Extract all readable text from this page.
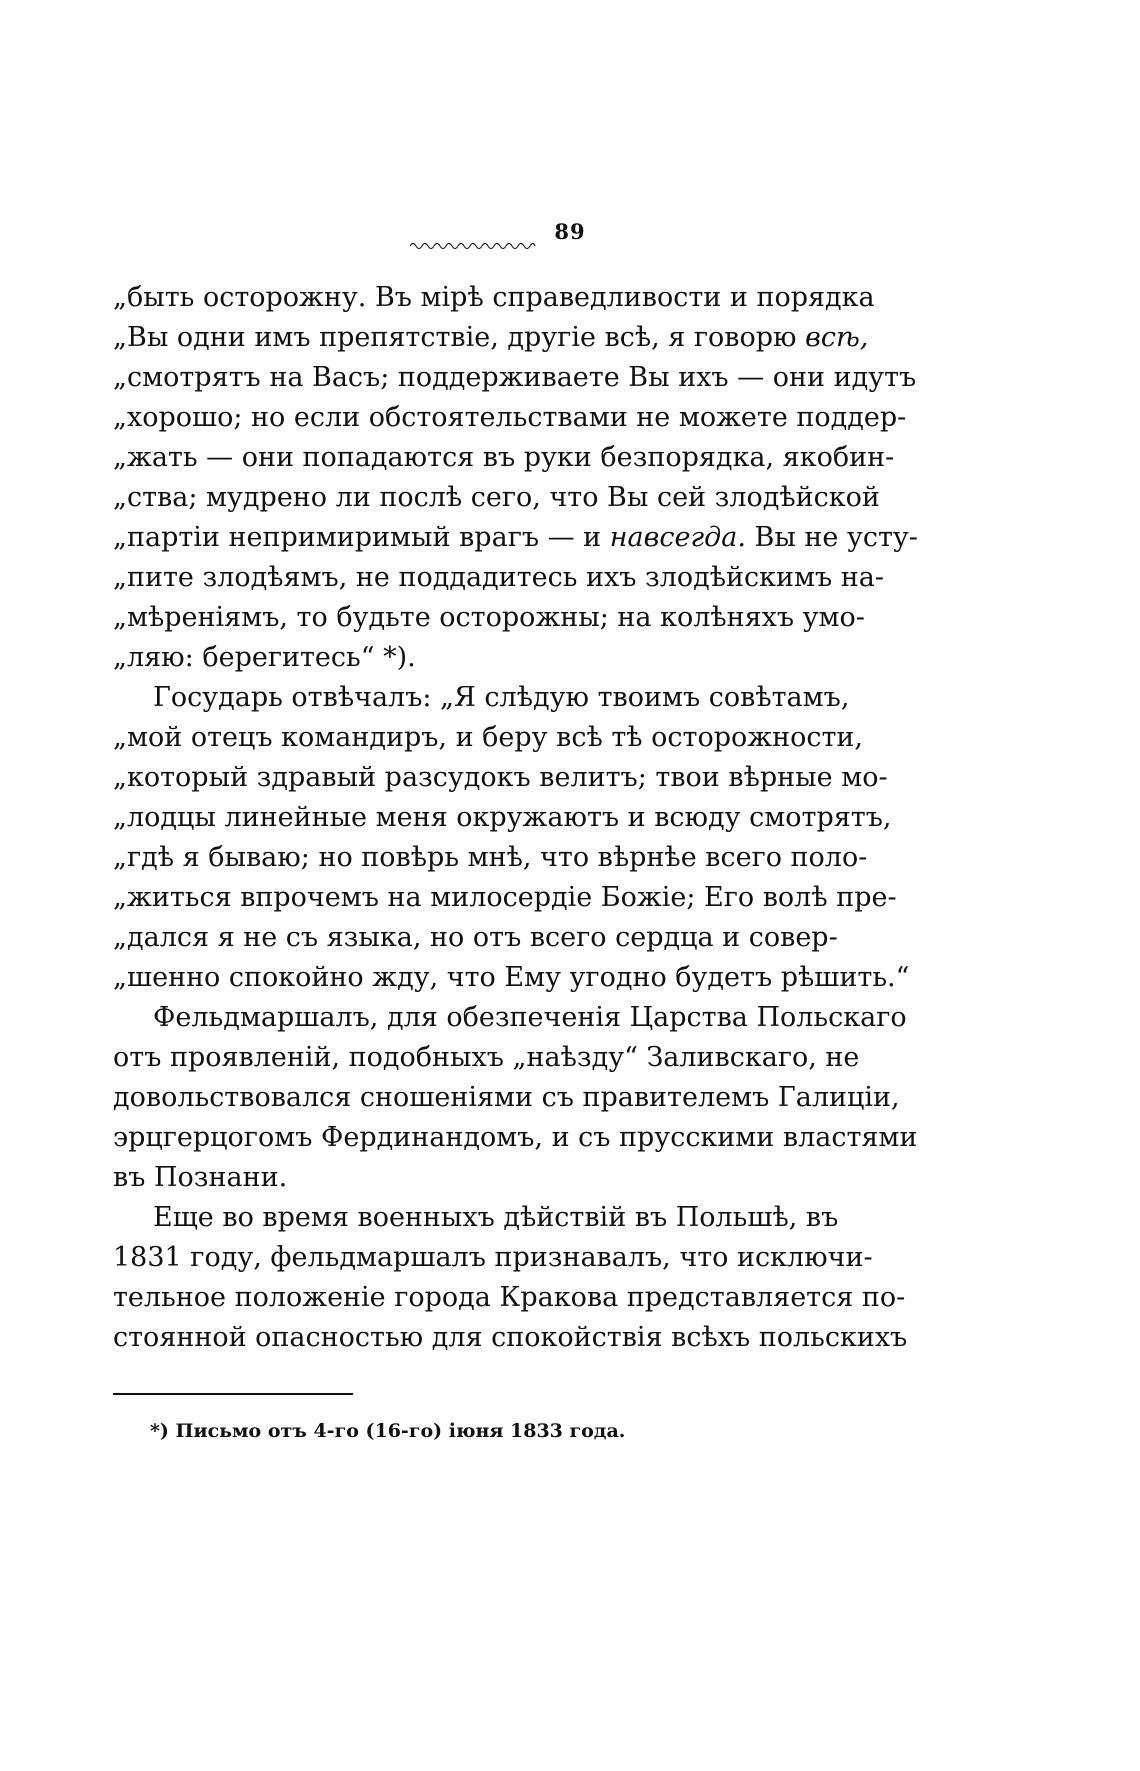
89
„быть осторожну. Въ мірѣ справедливости и порядка
„Вы одни имъ препятствіе, другіе всѣ, я говорю всѣ,
„смотрятъ на Васъ; поддерживаете Вы ихъ — они идутъ
„хорошо; но если обстоятельствами не можете поддер-
„жать — они попадаются въ руки безпорядка, якобин-
„ства; мудрено ли послѣ сего, что Вы сей злодѣйской
„партіи непримиримый врагъ — и навсегда. Вы не усту-
„пите злодѣямъ, не поддадитесь ихъ злодѣйскимъ на-
„мѣреніямъ, то будьте осторожны; на колѣняхъ умо-
„ляю: берегитесь“ *).
Государь отвѣчалъ: „Я слѣдую твоимъ совѣтамъ,
„мой отецъ командиръ, и беру всѣ тѣ осторожности,
„который здравый разсудокъ велитъ; твои вѣрные мо-
„лодцы линейные меня окружаютъ и всюду смотрятъ,
„гдѣ я бываю; но повѣрь мнѣ, что вѣрнѣе всего поло-
„житься впрочемъ на милосердіе Божіе; Его волѣ пре-
„дался я не съ языка, но отъ всего сердца и совер-
„шенно спокойно жду, что Ему угодно будетъ рѣшить.“
Фельдмаршалъ, для обезпеченія Царства Польскаго
отъ проявленій, подобныхъ „наѣзду“ Заливскаго, не
довольствовался сношеніями съ правителемъ Галиціи,
эрцгерцогомъ Фердинандомъ, и съ прусскими властями
въ Познани.
Еще во время военныхъ дѣйствій въ Польшѣ, въ
1831 году, фельдмаршалъ признавалъ, что исключи-
тельное положеніе города Кракова представляется по-
стоянной опасностью для спокойствія всѣхъ польскихъ
*) Письмо отъ 4-го (16-го) іюня 1833 года.
